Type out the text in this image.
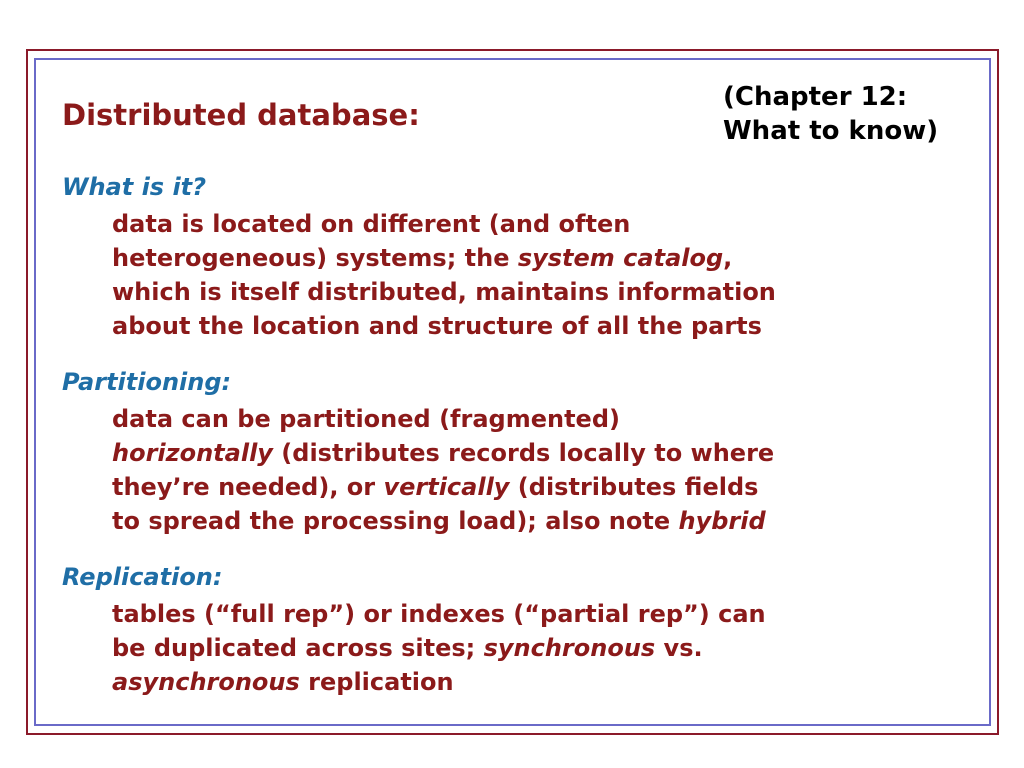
(Chapter 12:
What to know)
Distributed database:
What is it?
data is located on different (and often
heterogeneous) systems; the system catalog,
which is itself distributed, maintains information
about the location and structure of all the parts
Partitioning:
data can be partitioned (fragmented)
horizontally (distributes records locally to where
they’re needed), or vertically (distributes fields
to spread the processing load); also note hybrid
Replication:
tables (“full rep”) or indexes (“partial rep”) can
be duplicated across sites; synchronous vs.
asynchronous replication
